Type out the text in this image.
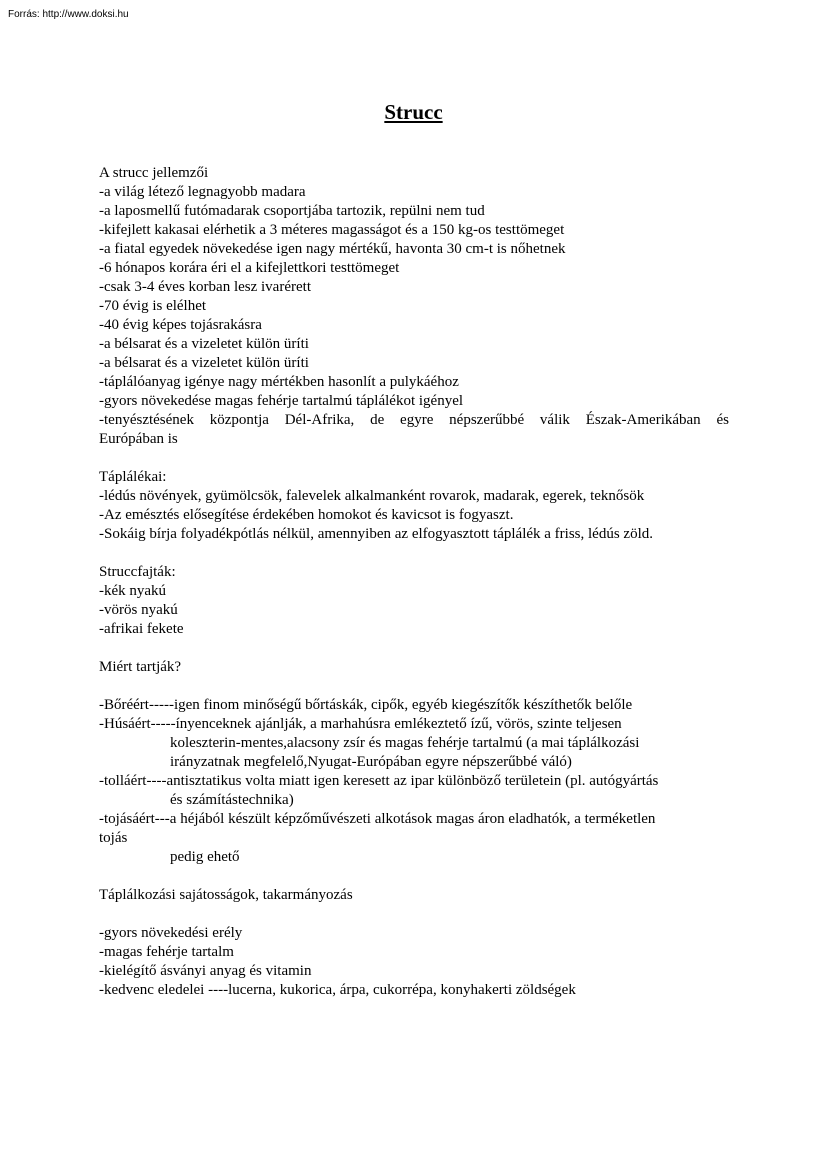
Forrás: http://www.doksi.hu
Strucc
A strucc jellemzői
-a világ létező legnagyobb madara
-a laposmellű futómadarak csoportjába tartozik, repülni nem tud
-kifejlett kakasai elérhetik a 3 méteres magasságot és a 150 kg-os testtömeget
-a fiatal egyedek növekedése igen nagy mértékű, havonta 30 cm-t is nőhetnek
-6 hónapos korára éri el a kifejlettkori testtömeget
-csak 3-4 éves korban lesz ivarérett
-70 évig is elélhet
-40 évig képes tojásrakásra
-a bélsarat és a vizeletet külön üríti
-a bélsarat és a vizeletet külön üríti
-táplálóanyag igénye nagy mértékben hasonlít a pulykáéhoz
-gyors növekedése magas fehérje tartalmú táplálékot igényel
-tenyésztésének központja Dél-Afrika, de egyre népszerűbbé válik Észak-Amerikában és
Európában is
Táplálékai:
-lédús növények, gyümölcsök, falevelek alkalmanként rovarok, madarak, egerek, teknősök
-Az emésztés elősegítése érdekében homokot és kavicsot is fogyaszt.
-Sokáig bírja folyadékpótlás nélkül, amennyiben az elfogyasztott táplálék a friss, lédús zöld.
Struccfajták:
-kék nyakú
-vörös nyakú
-afrikai fekete
Miért tartják?
-Bőréért-----igen finom minőségű bőrtáskák, cipők, egyéb kiegészítők készíthetők belőle
-Húsáért-----ínyenceknek ajánlják, a marhahúsra emlékeztető ízű, vörös, szinte teljesen
koleszterin-mentes,alacsony zsír és magas fehérje tartalmú (a mai táplálkozási
irányzatnak megfelelő,Nyugat-Európában egyre népszerűbbé váló)
-tolláért----antisztatikus volta miatt igen keresett az ipar különböző területein (pl. autógyártás
és számítástechnika)
-tojásáért---a héjából készült képzőművészeti alkotások magas áron eladhatók, a terméketlen
tojás
pedig ehető
Táplálkozási sajátosságok, takarmányozás
-gyors növekedési erély
-magas fehérje tartalm
-kielégítő ásványi anyag és vitamin
-kedvenc eledelei ----lucerna, kukorica, árpa, cukorrépa, konyhakerti zöldségek
